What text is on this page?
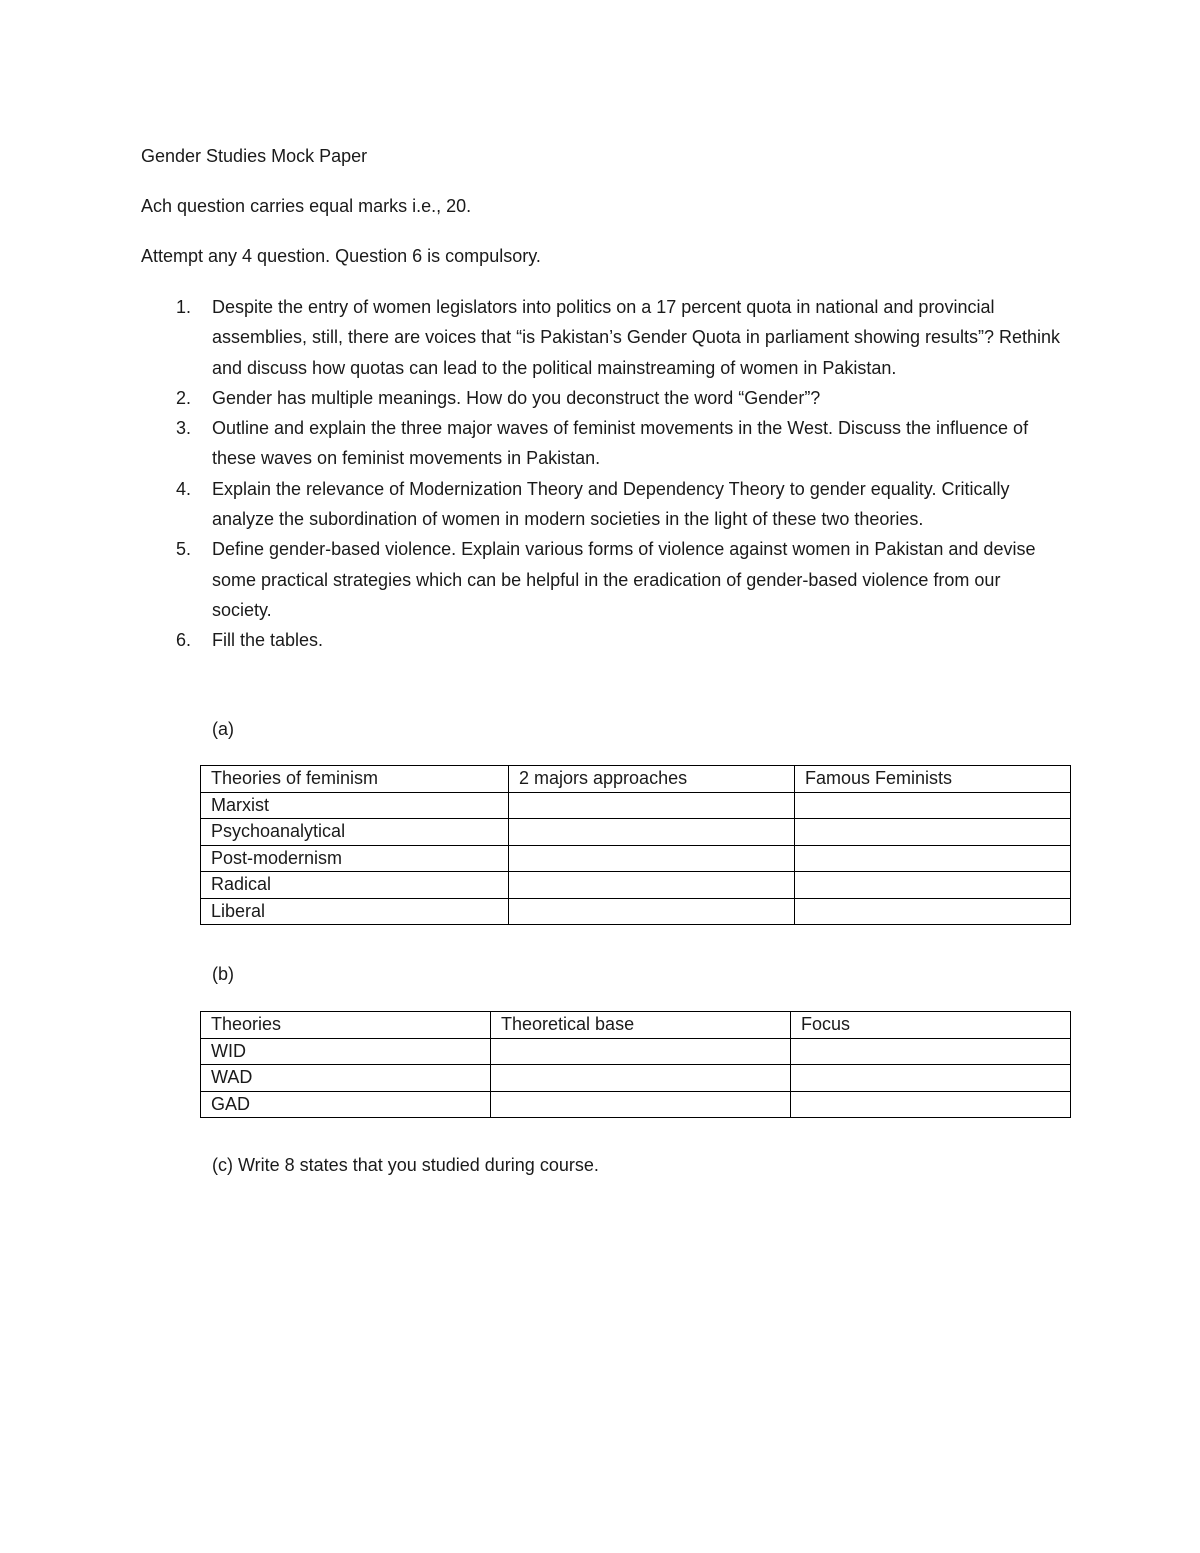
Gender Studies Mock Paper
Ach question carries equal marks i.e., 20.
Attempt any 4 question. Question 6 is compulsory.
1. Despite the entry of women legislators into politics on a 17 percent quota in national and provincial assemblies, still, there are voices that “is Pakistan’s Gender Quota in parliament showing results”? Rethink and discuss how quotas can lead to the political mainstreaming of women in Pakistan.
2. Gender has multiple meanings. How do you deconstruct the word “Gender”?
3. Outline and explain the three major waves of feminist movements in the West. Discuss the influence of these waves on feminist movements in Pakistan.
4. Explain the relevance of Modernization Theory and Dependency Theory to gender equality. Critically analyze the subordination of women in modern societies in the light of these two theories.
5. Define gender-based violence. Explain various forms of violence against women in Pakistan and devise some practical strategies which can be helpful in the eradication of gender-based violence from our society.
6. Fill the tables.
(a)
Theories of feminism	2 majors approaches	Famous Feminists
Marxist		
Psychoanalytical		
Post-modernism		
Radical		
Liberal		
(b)
Theories	Theoretical base	Focus
WID		
WAD		
GAD		
(c) Write 8 states that you studied during course.
